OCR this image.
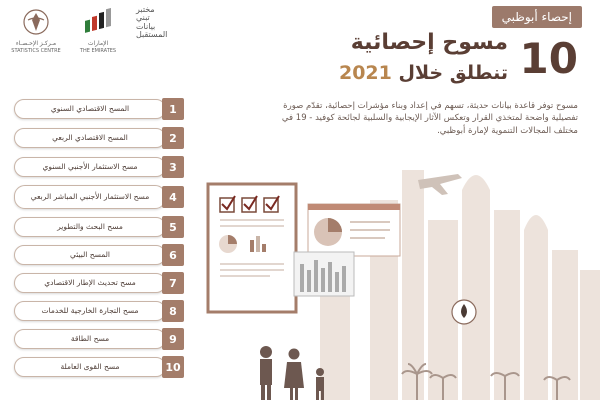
إحصاء أبوظبي
مـركـز الإحـصـاء
STATISTICS CENTRE
الإمارات
THE EMIRATES
مختبر
تبني
بيانات
المستقبل	10
مسوح إحصائية
تنطلق خلال 2021
مسوح توفر قاعدة بيانات حديثة، تسهم في إعداد وبناء مؤشرات إحصائية، تقدّم صورة تفصيلية واضحة لمتخذي القرار وتعكس الآثار الإيجابية والسلبية لجائحة كوفيد - 19 في مختلف المجالات التنموية لإمارة أبوظبي.
المسح الاقتصادي السنوي	1
المسح الاقتصادي الربعي	2
مسح الاستثمار الأجنبي السنوي	3
مسح الاستثمار الأجنبي المباشر الربعي	4
مسح البحث والتطوير	5
المسح البيئي	6
مسح تحديث الإطار الاقتصادي	7
مسح التجارة الخارجية للخدمات	8
مسح الطاقة	9
مسح القوى العاملة	10
